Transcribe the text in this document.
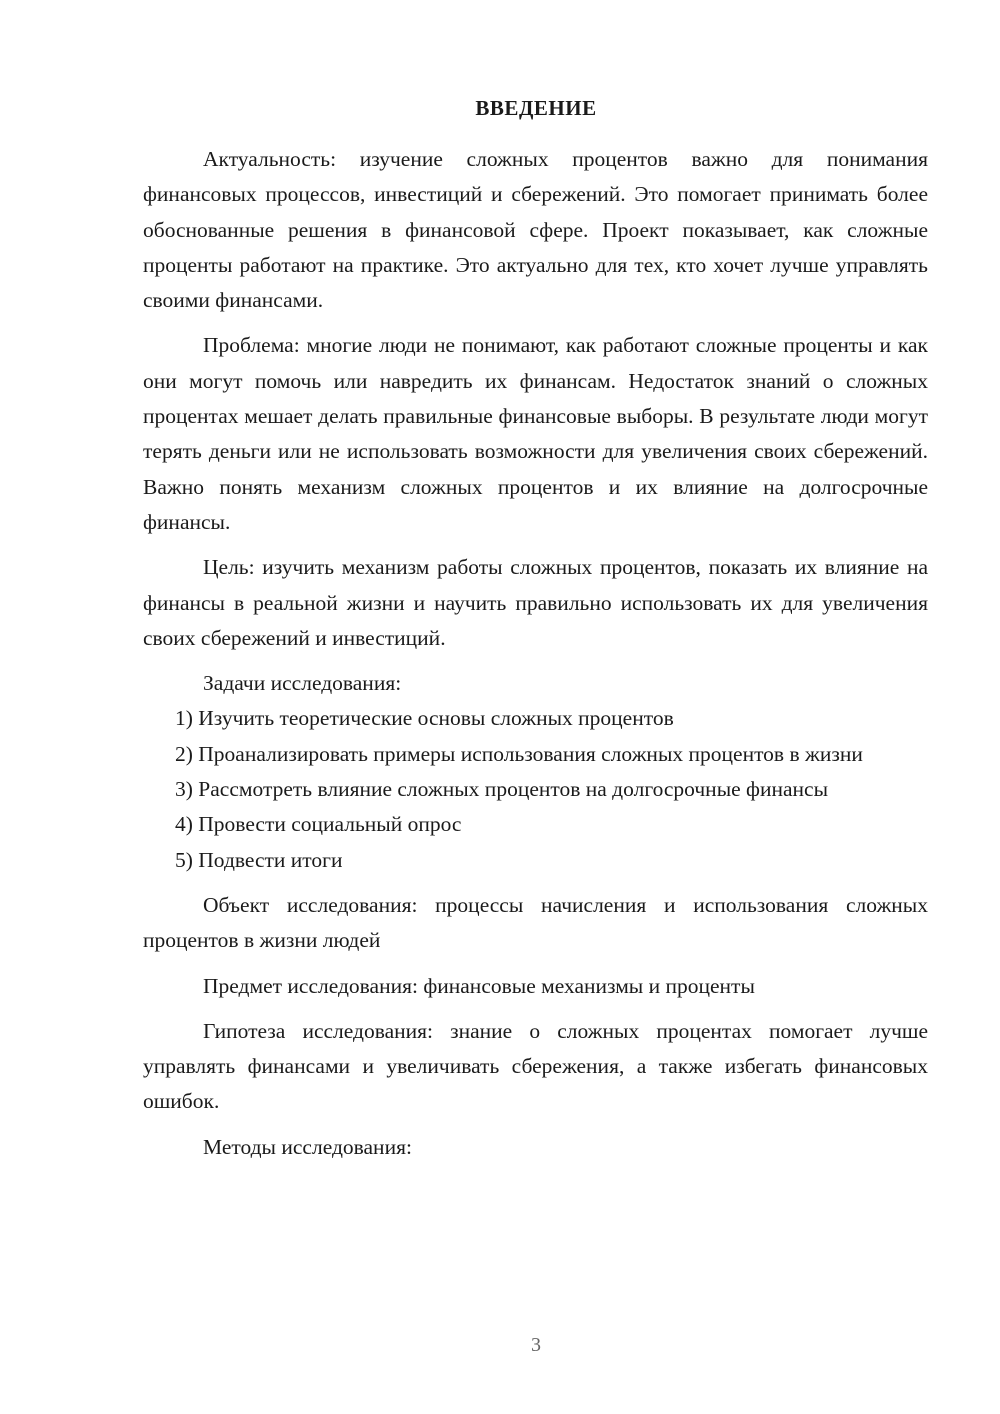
ВВЕДЕНИЕ

Актуальность: изучение сложных процентов важно для понимания финансовых процессов, инвестиций и сбережений. Это помогает принимать более обоснованные решения в финансовой сфере. Проект показывает, как сложные проценты работают на практике. Это актуально для тех, кто хочет лучше управлять своими финансами.

Проблема: многие люди не понимают, как работают сложные проценты и как они могут помочь или навредить их финансам. Недостаток знаний о сложных процентах мешает делать правильные финансовые выборы. В результате люди могут терять деньги или не использовать возможности для увеличения своих сбережений. Важно понять механизм сложных процентов и их влияние на долгосрочные финансы.

Цель: изучить механизм работы сложных процентов, показать их влияние на финансы в реальной жизни и научить правильно использовать их для увеличения своих сбережений и инвестиций.

Задачи исследования:

1) Изучить теоретические основы сложных процентов

2) Проанализировать примеры использования сложных процентов в жизни

3) Рассмотреть влияние сложных процентов на долгосрочные финансы

4) Провести социальный опрос

5) Подвести итоги

Объект исследования: процессы начисления и использования сложных процентов в жизни людей

Предмет исследования: финансовые механизмы и проценты

Гипотеза исследования: знание о сложных процентах помогает лучше управлять финансами и увеличивать сбережения, а также избегать финансовых ошибок.

Методы исследования:

3
